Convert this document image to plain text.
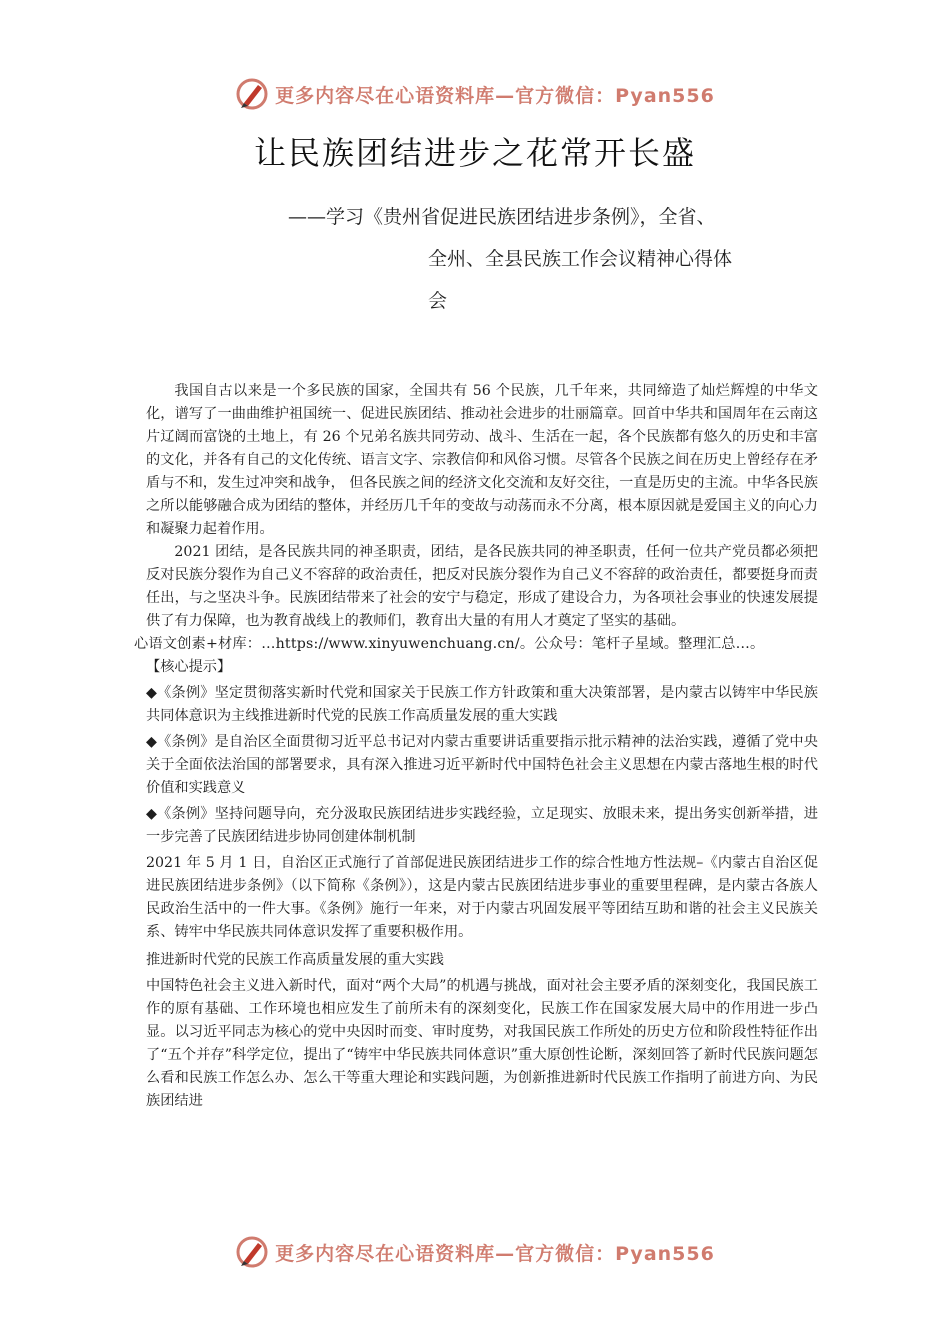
更多内容尽在心语资料库—官方微信：Pyan556
让民族团结进步之花常开长盛
——学习《贵州省促进民族团结进步条例》，全省、
全州、全县民族工作会议精神心得体
会

我国自古以来是一个多民族的国家，全国共有 56 个民族，几千年来，共同缔造了灿烂辉煌的中华文化，谱写了一曲曲维护祖国统一、促进民族团结、推动社会进步的壮丽篇章。回首中华共和国周年在云南这片辽阔而富饶的土地上，有 26 个兄弟名族共同劳动、战斗、生活在一起，各个民族都有悠久的历史和丰富的文化，并各有自己的文化传统、语言文字、宗教信仰和风俗习惯。尽管各个民族之间在历史上曾经存在矛盾与不和，发生过冲突和战争， 但各民族之间的经济文化交流和友好交往，一直是历史的主流。中华各民族之所以能够融合成为团结的整体，并经历几千年的变故与动荡而永不分离，根本原因就是爱国主义的向心力和凝聚力起着作用。

2021 团结，是各民族共同的神圣职责，团结，是各民族共同的神圣职责，任何一位共产党员都必须把反对民族分裂作为自己义不容辞的政治责任，把反对民族分裂作为自己义不容辞的政治责任，都要挺身而责任出，与之坚决斗争。民族团结带来了社会的安宁与稳定，形成了建设合力，为各项社会事业的快速发展提供了有力保障，也为教育战线上的教师们，教育出大量的有用人才奠定了坚实的基础。

心语文创素+材库：…https://www.xinyuwenchuang.cn/。公众号：笔杆子星域。整理汇总…。

【核心提示】

◆《条例》坚定贯彻落实新时代党和国家关于民族工作方针政策和重大决策部署，是内蒙古以铸牢中华民族共同体意识为主线推进新时代党的民族工作高质量发展的重大实践

◆《条例》是自治区全面贯彻习近平总书记对内蒙古重要讲话重要指示批示精神的法治实践，遵循了党中央关于全面依法治国的部署要求，具有深入推进习近平新时代中国特色社会主义思想在内蒙古落地生根的时代价值和实践意义

◆《条例》坚持问题导向，充分汲取民族团结进步实践经验，立足现实、放眼未来，提出务实创新举措，进一步完善了民族团结进步协同创建体制机制

2021 年 5 月 1 日，自治区正式施行了首部促进民族团结进步工作的综合性地方性法规–《内蒙古自治区促进民族团结进步条例》（以下简称《条例》），这是内蒙古民族团结进步事业的重要里程碑，是内蒙古各族人民政治生活中的一件大事。《条例》施行一年来，对于内蒙古巩固发展平等团结互助和谐的社会主义民族关系、铸牢中华民族共同体意识发挥了重要积极作用。

推进新时代党的民族工作高质量发展的重大实践

中国特色社会主义进入新时代，面对“两个大局”的机遇与挑战，面对社会主要矛盾的深刻变化，我国民族工作的原有基础、工作环境也相应发生了前所未有的深刻变化，民族工作在国家发展大局中的作用进一步凸显。以习近平同志为核心的党中央因时而变、审时度势，对我国民族工作所处的历史方位和阶段性特征作出了“五个并存”科学定位，提出了“铸牢中华民族共同体意识”重大原创性论断，深刻回答了新时代民族问题怎么看和民族工作怎么办、怎么干等重大理论和实践问题，为创新推进新时代民族工作指明了前进方向、为民族团结进

更多内容尽在心语资料库—官方微信：Pyan556
